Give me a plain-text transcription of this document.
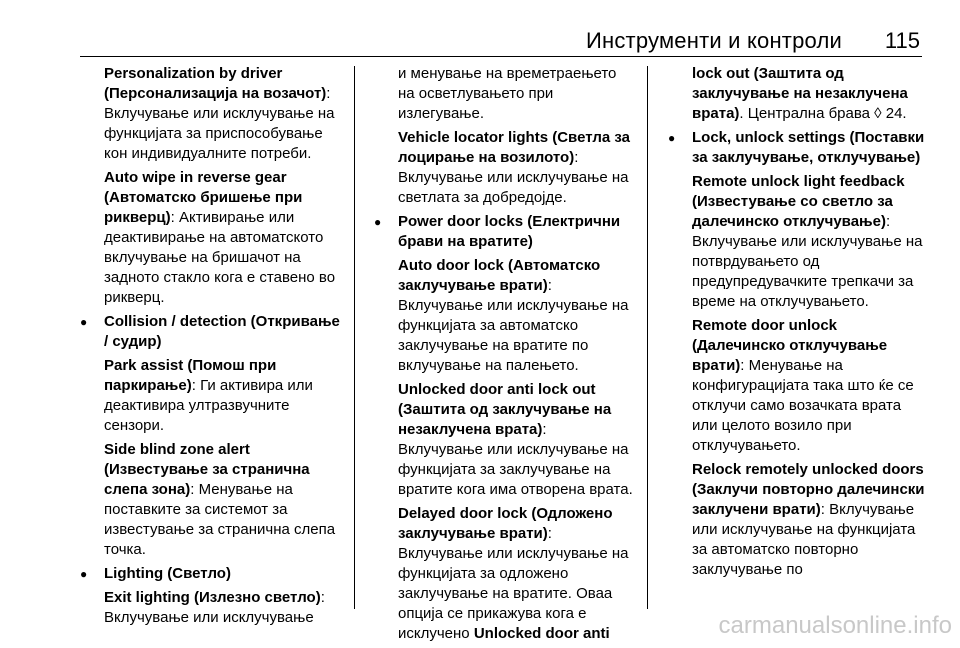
Инструменти и контроли 115

Personalization by driver (Персонализација на возачот): Вклучување или исклучување на функцијата за приспособување кон индивидуалните потреби.

Auto wipe in reverse gear (Автоматско бришење при рикверц): Активирање или деактивирање на автоматското вклучување на бришачот на задното стакло кога е ставено во рикверц.

● Collision / detection (Откривање / судир)

Park assist (Помош при паркирање): Ги активира или деактивира ултразвучните сензори.

Side blind zone alert (Известување за странична слепа зона): Менување на поставките за системот за известување за странична слепа точка.

● Lighting (Светло)

Exit lighting (Излезно светло): Вклучување или исклучување

и менување на времетраењето на осветлувањето при излегување.

Vehicle locator lights (Светла за лоцирање на возилото): Вклучување или исклучување на светлата за добредојде.

● Power door locks (Електрични брави на вратите)

Auto door lock (Автоматско заклучување врати): Вклучување или исклучување на функцијата за автоматско заклучување на вратите по вклучување на палењето.

Unlocked door anti lock out (Заштита од заклучување на незаклучена врата): Вклучување или исклучување на функцијата за заклучување на вратите кога има отворена врата.

Delayed door lock (Одложено заклучување врати): Вклучување или исклучување на функцијата за одложено заклучување на вратите. Оваа опција се прикажува кога е исклучено Unlocked door anti

lock out (Заштита од заклучување на незаклучена врата). Централна брава ◊ 24.

● Lock, unlock settings (Поставки за заклучување, отклучување)

Remote unlock light feedback (Известување со светло за далечинско отклучување): Вклучување или исклучување на потврдувањето од предупредувачките трепкачи за време на отклучувањето.

Remote door unlock (Далечинско отклучување врати): Менување на конфигурацијата така што ќе се отклучи само возачката врата или целото возило при отклучувањето.

Relock remotely unlocked doors (Заклучи повторно далечински заклучени врати): Вклучување или исклучување на функцијата за автоматско повторно заклучување по

carmanualsonline.info
